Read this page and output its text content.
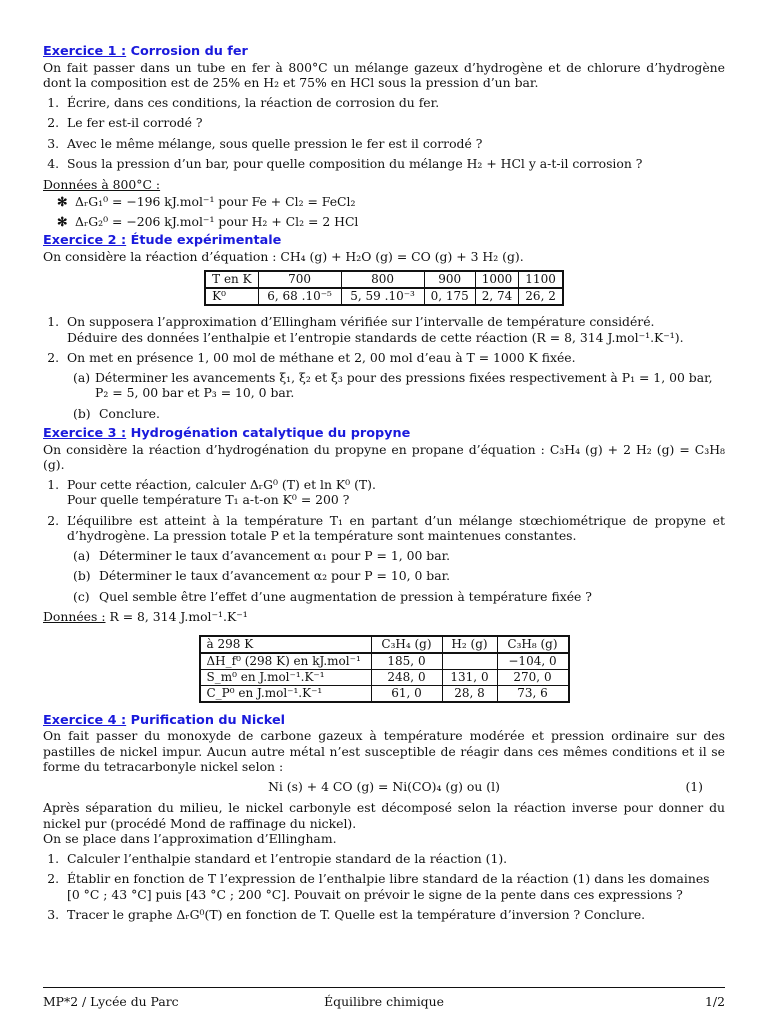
Exercice 1 : Corrosion du fer

On fait passer dans un tube en fer à 800°C un mélange gazeux d’hydrogène et de chlorure d’hydrogène dont la composition est de 25% en H₂ et 75% en HCl sous la pression d’un bar.

1. Écrire, dans ces conditions, la réaction de corrosion du fer.
2. Le fer est-il corrodé ?
3. Avec le même mélange, sous quelle pression le fer est il corrodé ?
4. Sous la pression d’un bar, pour quelle composition du mélange H₂ + HCl y a-t-il corrosion ?
Données à 800°C :
✻ ΔᵣG₁⁰ = −196 kJ.mol⁻¹ pour Fe + Cl₂ = FeCl₂
✻ ΔᵣG₂⁰ = −206 kJ.mol⁻¹ pour H₂ + Cl₂ = 2 HCl
Exercice 2 : Étude expérimentale

On considère la réaction d’équation : CH₄ (g) + H₂O (g) = CO (g) + 3 H₂ (g).

T en K	700	800	900	1000	1100
K⁰	6, 68 .10⁻⁵	5, 59 .10⁻³	0, 175	2, 74	26, 2
1. On supposera l’approximation d’Ellingham vérifiée sur l’intervalle de température considéré.
Déduire des données l’enthalpie et l’entropie standards de cette réaction (R = 8, 314 J.mol⁻¹.K⁻¹).
2. On met en présence 1, 00 mol de méthane et 2, 00 mol d’eau à T = 1000 K fixée.
(a) Déterminer les avancements ξ₁, ξ₂ et ξ₃ pour des pressions fixées respectivement à P₁ = 1, 00 bar, P₂ = 5, 00 bar et P₃ = 10, 0 bar.
(b) Conclure.
Exercice 3 : Hydrogénation catalytique du propyne

On considère la réaction d’hydrogénation du propyne en propane d’équation : C₃H₄ (g) + 2 H₂ (g) = C₃H₈ (g).

1. Pour cette réaction, calculer ΔᵣG⁰ (T) et ln K⁰ (T).
Pour quelle température T₁ a-t-on K⁰ = 200 ?
2. L’équilibre est atteint à la température T₁ en partant d’un mélange stœchiométrique de propyne et d’hydrogène. La pression totale P et la température sont maintenues constantes.
(a) Déterminer le taux d’avancement α₁ pour P = 1, 00 bar.
(b) Déterminer le taux d’avancement α₂ pour P = 10, 0 bar.
(c) Quel semble être l’effet d’une augmentation de pression à température fixée ?
Données : R = 8, 314 J.mol⁻¹.K⁻¹
à 298 K	C₃H₄ (g)	H₂ (g)	C₃H₈ (g)
ΔH_f⁰ (298 K) en kJ.mol⁻¹	185, 0		−104, 0
S_m⁰ en J.mol⁻¹.K⁻¹	248, 0	131, 0	270, 0
C_P⁰ en J.mol⁻¹.K⁻¹	61, 0	28, 8	73, 6
Exercice 4 : Purification du Nickel

On fait passer du monoxyde de carbone gazeux à température modérée et pression ordinaire sur des pastilles de nickel impur. Aucun autre métal n’est susceptible de réagir dans ces mêmes conditions et il se forme du tetracarbonyle nickel selon :

Ni (s) + 4 CO (g) = Ni(CO)₄ (g) ou (l)	(1)

Après séparation du milieu, le nickel carbonyle est décomposé selon la réaction inverse pour donner du nickel pur (procédé Mond de raffinage du nickel).

On se place dans l’approximation d’Ellingham.

1. Calculer l’enthalpie standard et l’entropie standard de la réaction (1).
2. Établir en fonction de T l’expression de l’enthalpie libre standard de la réaction (1) dans les domaines [0 °C ; 43 °C] puis [43 °C ; 200 °C]. Pouvait on prévoir le signe de la pente dans ces expressions ?
3. Tracer le graphe ΔᵣG⁰(T) en fonction de T. Quelle est la température d’inversion ? Conclure.
MP*2 / Lycée du Parc	Équilibre chimique	1/2
